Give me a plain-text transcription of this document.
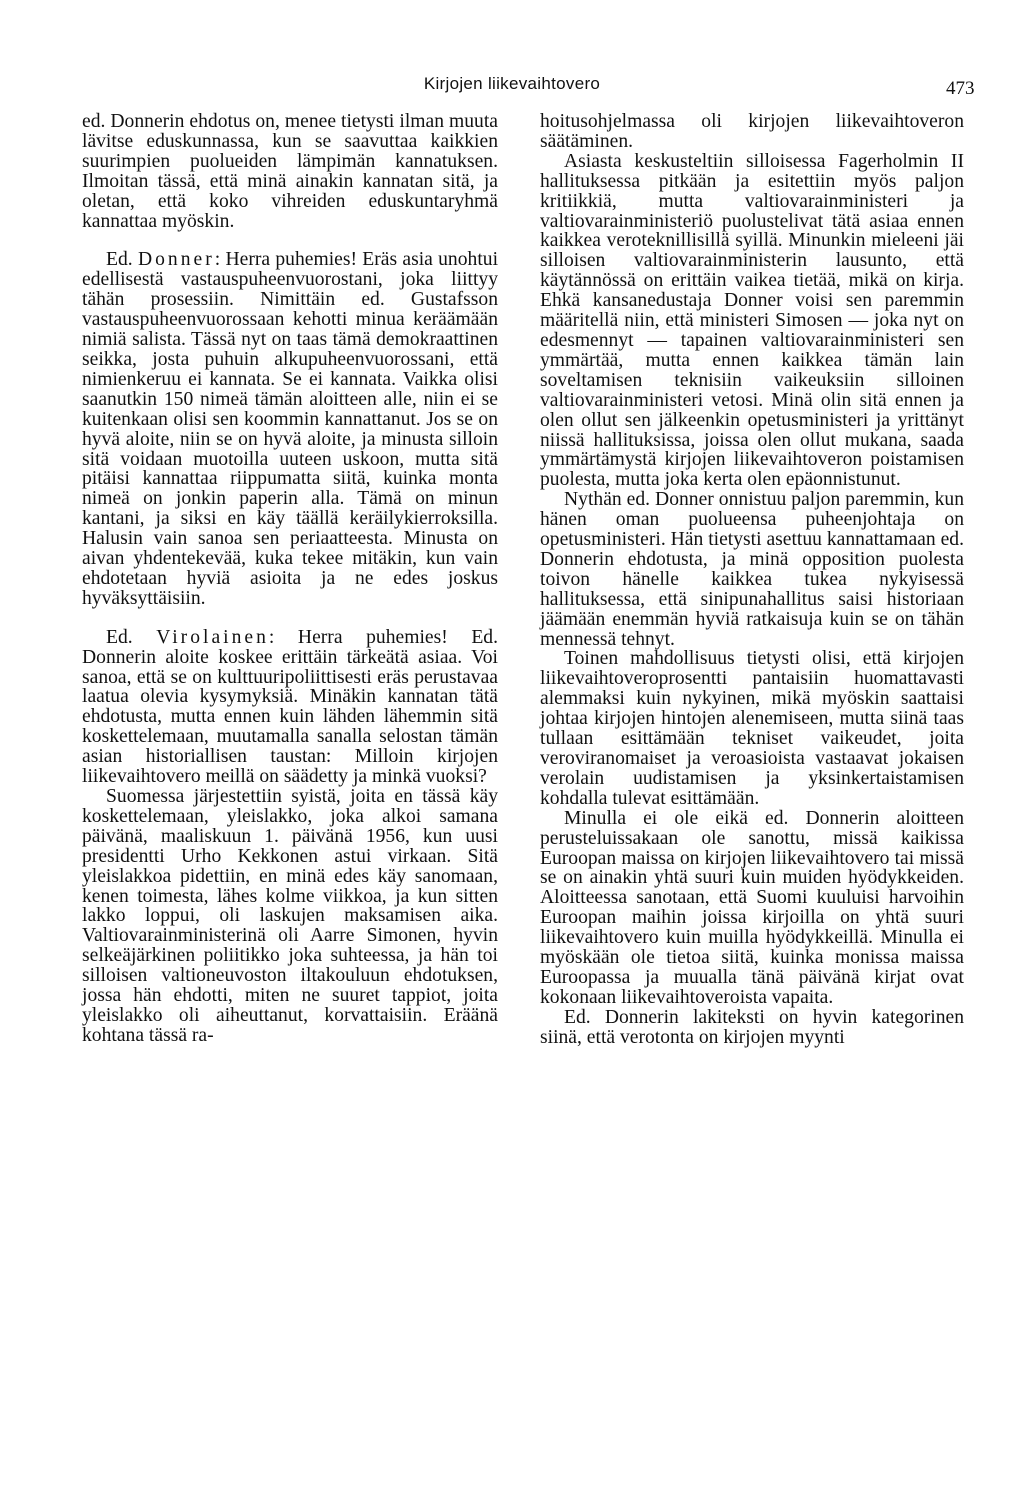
Kirjojen liikevaihtovero	473

ed. Donnerin ehdotus on, menee tietysti ilman muuta lävitse eduskunnassa, kun se saavuttaa kaikkien suurimpien puolueiden lämpimän kannatuksen. Ilmoitan tässä, että minä ainakin kannatan sitä, ja oletan, että koko vihreiden eduskuntaryhmä kannattaa myöskin.

Ed. Donner: Herra puhemies! Eräs asia unohtui edellisestä vastauspuheenvuorostani, joka liittyy tähän prosessiin. Nimittäin ed. Gustafsson vastauspuheenvuorossaan kehotti minua keräämään nimiä salista. Tässä nyt on taas tämä demokraattinen seikka, josta puhuin alkupuheenvuorossani, että nimienkeruu ei kannata. Se ei kannata. Vaikka olisi saanutkin 150 nimeä tämän aloitteen alle, niin ei se kuitenkaan olisi sen koommin kannattanut. Jos se on hyvä aloite, niin se on hyvä aloite, ja minusta silloin sitä voidaan muotoilla uuteen uskoon, mutta sitä pitäisi kannattaa riippumatta siitä, kuinka monta nimeä on jonkin paperin alla. Tämä on minun kantani, ja siksi en käy täällä keräilykierroksilla. Halusin vain sanoa sen periaatteesta. Minusta on aivan yhdentekevää, kuka tekee mitäkin, kun vain ehdotetaan hyviä asioita ja ne edes joskus hyväksyttäisiin.

Ed. Virolainen: Herra puhemies! Ed. Donnerin aloite koskee erittäin tärkeätä asiaa. Voi sanoa, että se on kulttuuripoliittisesti eräs perustavaa laatua olevia kysymyksiä. Minäkin kannatan tätä ehdotusta, mutta ennen kuin lähden lähemmin sitä koskettelemaan, muutamalla sanalla selostan tämän asian historiallisen taustan: Milloin kirjojen liikevaihtovero meillä on säädetty ja minkä vuoksi?

Suomessa järjestettiin syistä, joita en tässä käy koskettelemaan, yleislakko, joka alkoi samana päivänä, maaliskuun 1. päivänä 1956, kun uusi presidentti Urho Kekkonen astui virkaan. Sitä yleislakkoa pidettiin, en minä edes käy sanomaan, kenen toimesta, lähes kolme viikkoa, ja kun sitten lakko loppui, oli laskujen maksamisen aika. Valtiovarainministerinä oli Aarre Simonen, hyvin selkeäjärkinen poliitikko joka suhteessa, ja hän toi silloisen valtioneuvoston iltakouluun ehdotuksen, jossa hän ehdotti, miten ne suuret tappiot, joita yleislakko oli aiheuttanut, korvattaisiin. Eräänä kohtana tässä ra-

hoitusohjelmassa oli kirjojen liikevaihtoveron säätäminen.

Asiasta keskusteltiin silloisessa Fagerholmin II hallituksessa pitkään ja esitettiin myös paljon kritiikkiä, mutta valtiovarainministeri ja valtiovarainministeriö puolustelivat tätä asiaa ennen kaikkea veroteknillisillä syillä. Minunkin mieleeni jäi silloisen valtiovarainministerin lausunto, että käytännössä on erittäin vaikea tietää, mikä on kirja. Ehkä kansanedustaja Donner voisi sen paremmin määritellä niin, että ministeri Simosen — joka nyt on edesmennyt — tapainen valtiovarainministeri sen ymmärtää, mutta ennen kaikkea tämän lain soveltamisen teknisiin vaikeuksiin silloinen valtiovarainministeri vetosi. Minä olin sitä ennen ja olen ollut sen jälkeenkin opetusministeri ja yrittänyt niissä hallituksissa, joissa olen ollut mukana, saada ymmärtämystä kirjojen liikevaihtoveron poistamisen puolesta, mutta joka kerta olen epäonnistunut.

Nythän ed. Donner onnistuu paljon paremmin, kun hänen oman puolueensa puheenjohtaja on opetusministeri. Hän tietysti asettuu kannattamaan ed. Donnerin ehdotusta, ja minä opposition puolesta toivon hänelle kaikkea tukea nykyisessä hallituksessa, että sinipunahallitus saisi historiaan jäämään enemmän hyviä ratkaisuja kuin se on tähän mennessä tehnyt.

Toinen mahdollisuus tietysti olisi, että kirjojen liikevaihtoveroprosentti pantaisiin huomattavasti alemmaksi kuin nykyinen, mikä myöskin saattaisi johtaa kirjojen hintojen alenemiseen, mutta siinä taas tullaan esittämään tekniset vaikeudet, joita veroviranomaiset ja veroasioista vastaavat jokaisen verolain uudistamisen ja yksinkertaistamisen kohdalla tulevat esittämään.

Minulla ei ole eikä ed. Donnerin aloitteen perusteluissakaan ole sanottu, missä kaikissa Euroopan maissa on kirjojen liikevaihtovero tai missä se on ainakin yhtä suuri kuin muiden hyödykkeiden. Aloitteessa sanotaan, että Suomi kuuluisi harvoihin Euroopan maihin joissa kirjoilla on yhtä suuri liikevaihtovero kuin muilla hyödykkeillä. Minulla ei myöskään ole tietoa siitä, kuinka monissa maissa Euroopassa ja muualla tänä päivänä kirjat ovat kokonaan liikevaihtoveroista vapaita.

Ed. Donnerin lakiteksti on hyvin kategorinen siinä, että verotonta on kirjojen myynti
